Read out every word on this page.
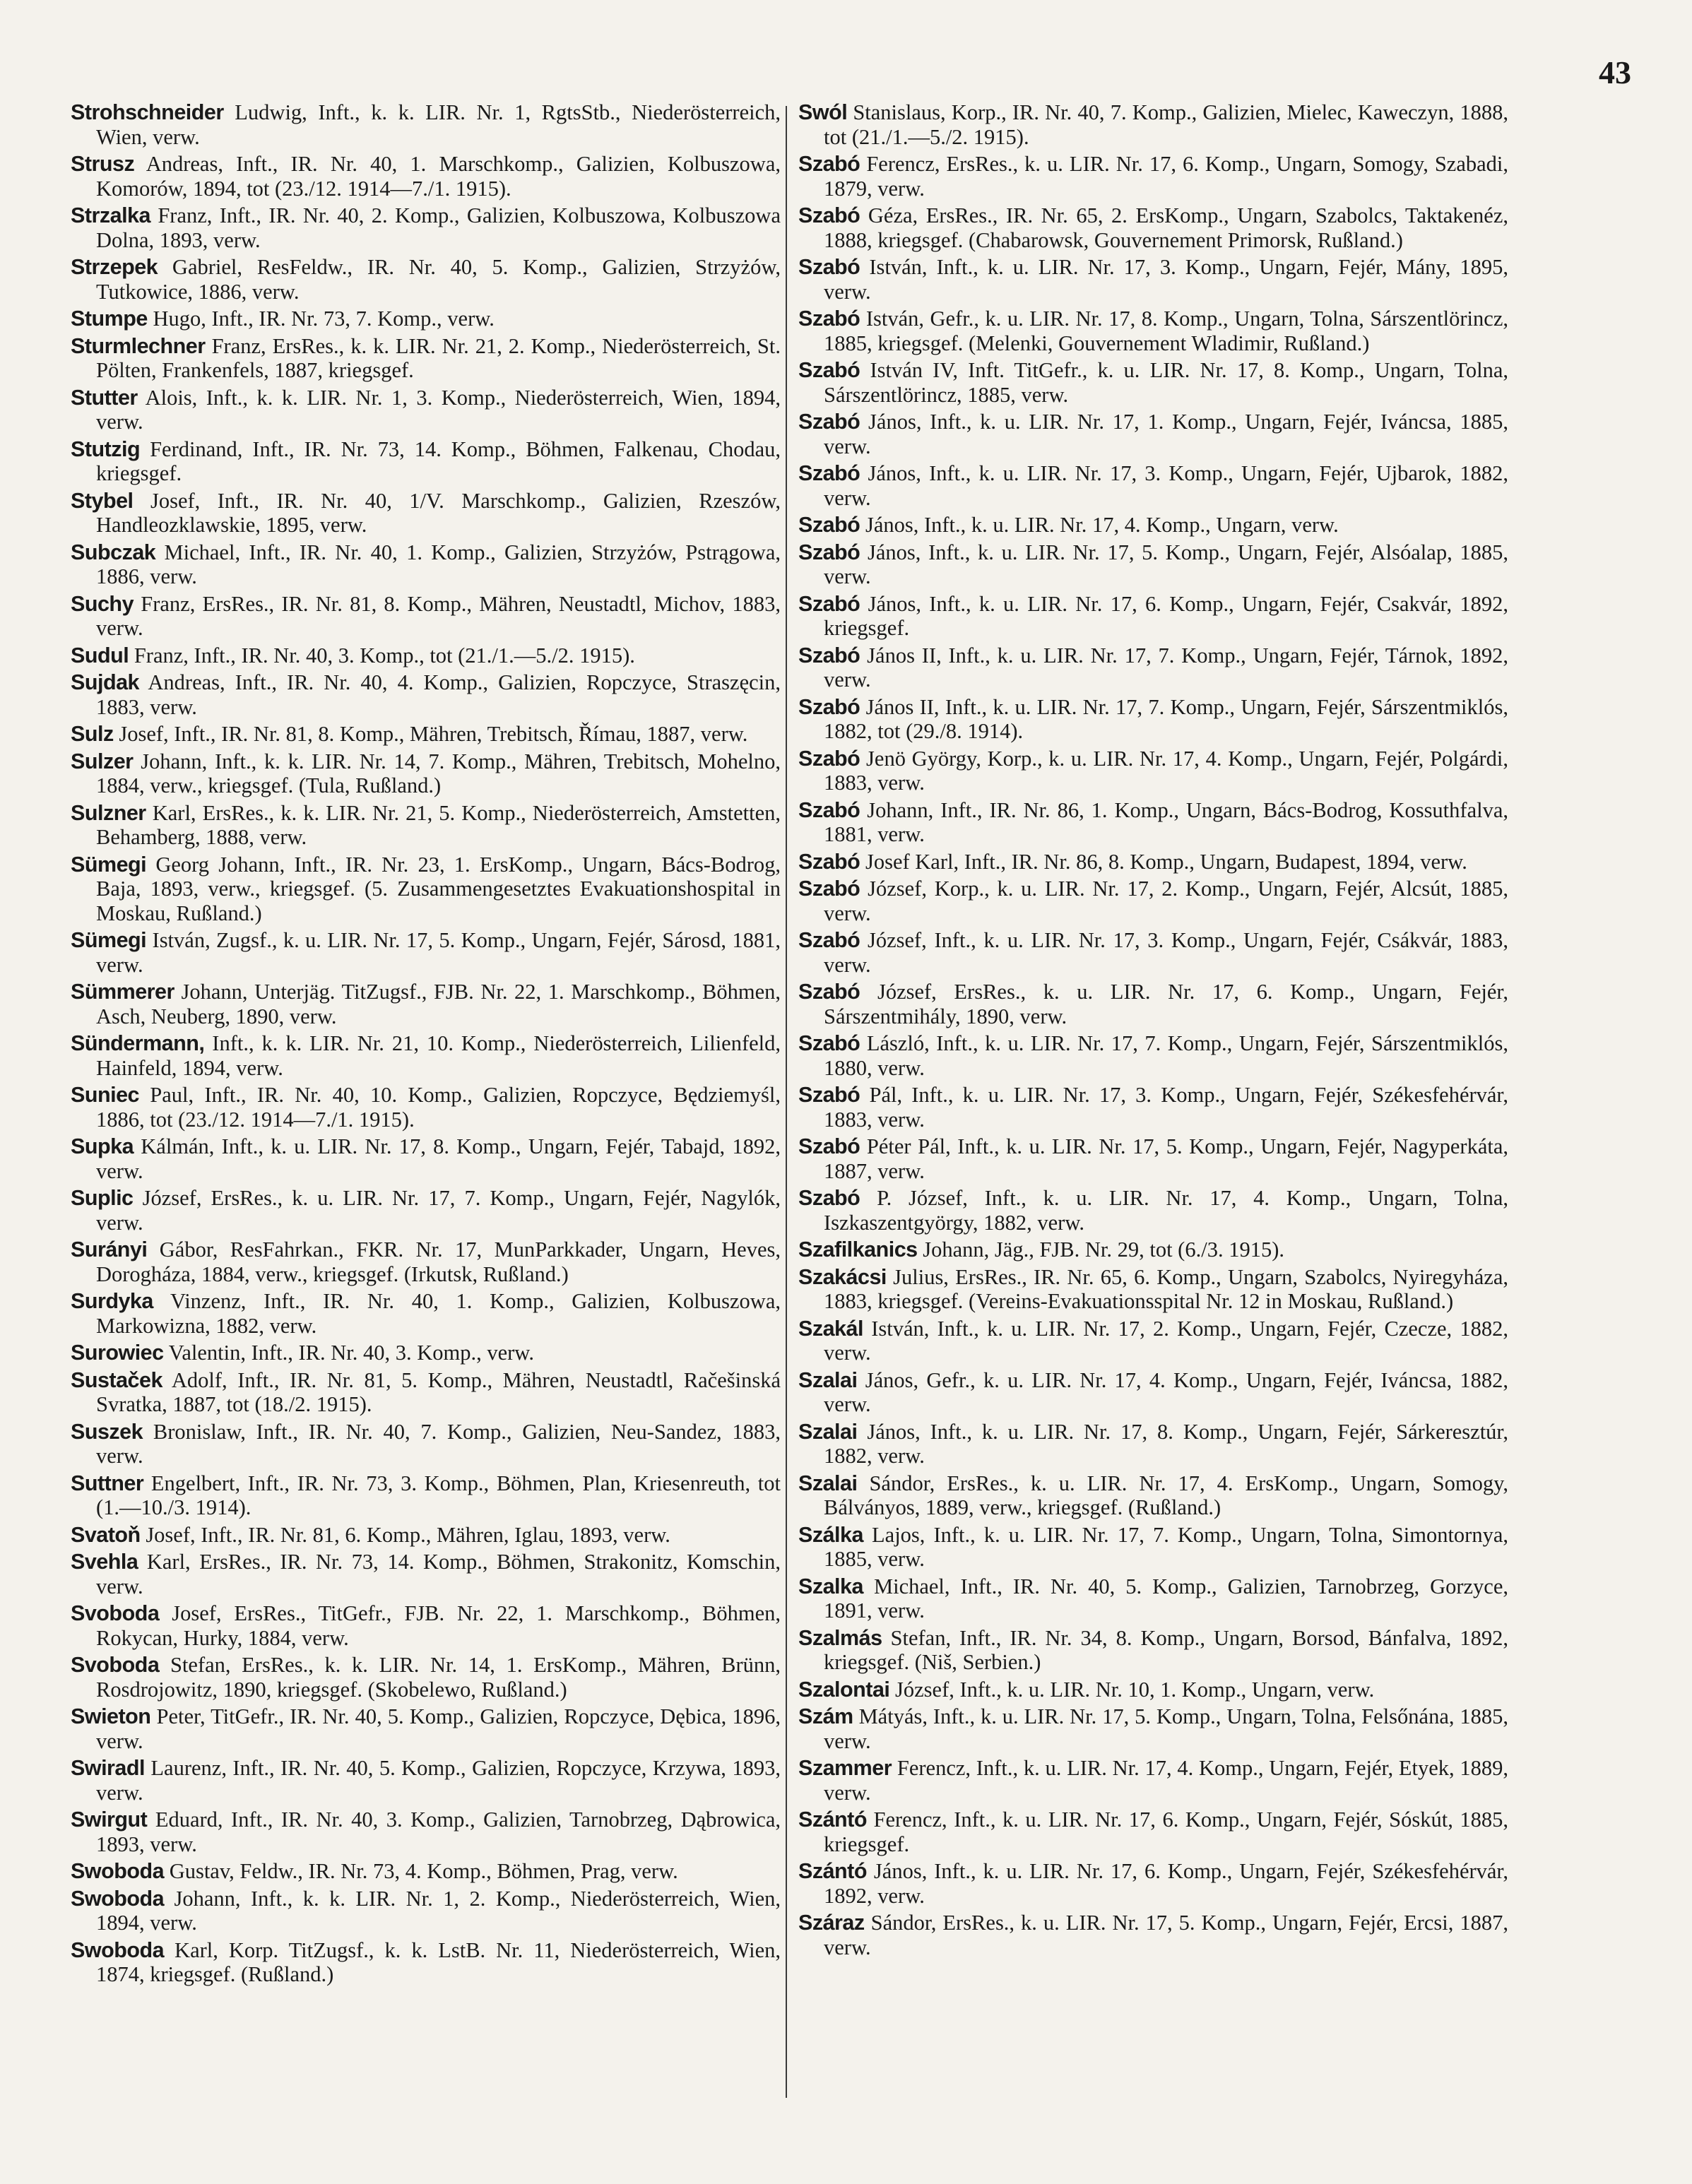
43

Strohschneider Ludwig, Inft., k. k. LIR. Nr. 1, RgtsStb., Niederösterreich, Wien, verw.

Strusz Andreas, Inft., IR. Nr. 40, 1. Marschkomp., Galizien, Kolbuszowa, Komorów, 1894, tot (23./12. 1914—7./1. 1915).

Strzalka Franz, Inft., IR. Nr. 40, 2. Komp., Galizien, Kolbuszowa, Kolbuszowa Dolna, 1893, verw.

Strzepek Gabriel, ResFeldw., IR. Nr. 40, 5. Komp., Galizien, Strzyżów, Tutkowice, 1886, verw.

Stumpe Hugo, Inft., IR. Nr. 73, 7. Komp., verw.

Sturmlechner Franz, ErsRes., k. k. LIR. Nr. 21, 2. Komp., Niederösterreich, St. Pölten, Frankenfels, 1887, kriegsgef.

Stutter Alois, Inft., k. k. LIR. Nr. 1, 3. Komp., Niederösterreich, Wien, 1894, verw.

Stutzig Ferdinand, Inft., IR. Nr. 73, 14. Komp., Böhmen, Falkenau, Chodau, kriegsgef.

Stybel Josef, Inft., IR. Nr. 40, 1/V. Marschkomp., Galizien, Rzeszów, Handleozklawskie, 1895, verw.

Subczak Michael, Inft., IR. Nr. 40, 1. Komp., Galizien, Strzyżów, Pstrągowa, 1886, verw.

Suchy Franz, ErsRes., IR. Nr. 81, 8. Komp., Mähren, Neustadtl, Michov, 1883, verw.

Sudul Franz, Inft., IR. Nr. 40, 3. Komp., tot (21./1.—5./2. 1915).

Sujdak Andreas, Inft., IR. Nr. 40, 4. Komp., Galizien, Ropczyce, Straszęcin, 1883, verw.

Sulz Josef, Inft., IR. Nr. 81, 8. Komp., Mähren, Trebitsch, Římau, 1887, verw.

Sulzer Johann, Inft., k. k. LIR. Nr. 14, 7. Komp., Mähren, Trebitsch, Mohelno, 1884, verw., kriegsgef. (Tula, Rußland.)

Sulzner Karl, ErsRes., k. k. LIR. Nr. 21, 5. Komp., Niederösterreich, Amstetten, Behamberg, 1888, verw.

Sümegi Georg Johann, Inft., IR. Nr. 23, 1. ErsKomp., Ungarn, Bács-Bodrog, Baja, 1893, verw., kriegsgef. (5. Zusammengesetztes Evakuationshospital in Moskau, Rußland.)

Sümegi István, Zugsf., k. u. LIR. Nr. 17, 5. Komp., Ungarn, Fejér, Sárosd, 1881, verw.

Sümmerer Johann, Unterjäg. TitZugsf., FJB. Nr. 22, 1. Marschkomp., Böhmen, Asch, Neuberg, 1890, verw.

Sündermann, Inft., k. k. LIR. Nr. 21, 10. Komp., Niederösterreich, Lilienfeld, Hainfeld, 1894, verw.

Suniec Paul, Inft., IR. Nr. 40, 10. Komp., Galizien, Ropczyce, Będziemyśl, 1886, tot (23./12. 1914—7./1. 1915).

Supka Kálmán, Inft., k. u. LIR. Nr. 17, 8. Komp., Ungarn, Fejér, Tabajd, 1892, verw.

Suplic József, ErsRes., k. u. LIR. Nr. 17, 7. Komp., Ungarn, Fejér, Nagylók, verw.

Surányi Gábor, ResFahrkan., FKR. Nr. 17, MunParkkader, Ungarn, Heves, Dorogháza, 1884, verw., kriegsgef. (Irkutsk, Rußland.)

Surdyka Vinzenz, Inft., IR. Nr. 40, 1. Komp., Galizien, Kolbuszowa, Markowizna, 1882, verw.

Surowiec Valentin, Inft., IR. Nr. 40, 3. Komp., verw.

Sustaček Adolf, Inft., IR. Nr. 81, 5. Komp., Mähren, Neustadtl, Račešinská Svratka, 1887, tot (18./2. 1915).

Suszek Bronislaw, Inft., IR. Nr. 40, 7. Komp., Galizien, Neu-Sandez, 1883, verw.

Suttner Engelbert, Inft., IR. Nr. 73, 3. Komp., Böhmen, Plan, Kriesenreuth, tot (1.—10./3. 1914).

Svatoň Josef, Inft., IR. Nr. 81, 6. Komp., Mähren, Iglau, 1893, verw.

Svehla Karl, ErsRes., IR. Nr. 73, 14. Komp., Böhmen, Strakonitz, Komschin, verw.

Svoboda Josef, ErsRes., TitGefr., FJB. Nr. 22, 1. Marschkomp., Böhmen, Rokycan, Hurky, 1884, verw.

Svoboda Stefan, ErsRes., k. k. LIR. Nr. 14, 1. ErsKomp., Mähren, Brünn, Rosdrojowitz, 1890, kriegsgef. (Skobelewo, Rußland.)

Swieton Peter, TitGefr., IR. Nr. 40, 5. Komp., Galizien, Ropczyce, Dębica, 1896, verw.

Swiradl Laurenz, Inft., IR. Nr. 40, 5. Komp., Galizien, Ropczyce, Krzywa, 1893, verw.

Swirgut Eduard, Inft., IR. Nr. 40, 3. Komp., Galizien, Tarnobrzeg, Dąbrowica, 1893, verw.

Swoboda Gustav, Feldw., IR. Nr. 73, 4. Komp., Böhmen, Prag, verw.

Swoboda Johann, Inft., k. k. LIR. Nr. 1, 2. Komp., Niederösterreich, Wien, 1894, verw.

Swoboda Karl, Korp. TitZugsf., k. k. LstB. Nr. 11, Niederösterreich, Wien, 1874, kriegsgef. (Rußland.)

Swól Stanislaus, Korp., IR. Nr. 40, 7. Komp., Galizien, Mielec, Kaweczyn, 1888, tot (21./1.—5./2. 1915).

Szabó Ferencz, ErsRes., k. u. LIR. Nr. 17, 6. Komp., Ungarn, Somogy, Szabadi, 1879, verw.

Szabó Géza, ErsRes., IR. Nr. 65, 2. ErsKomp., Ungarn, Szabolcs, Taktakenéz, 1888, kriegsgef. (Chabarowsk, Gouvernement Primorsk, Rußland.)

Szabó István, Inft., k. u. LIR. Nr. 17, 3. Komp., Ungarn, Fejér, Mány, 1895, verw.

Szabó István, Gefr., k. u. LIR. Nr. 17, 8. Komp., Ungarn, Tolna, Sárszentlörincz, 1885, kriegsgef. (Melenki, Gouvernement Wladimir, Rußland.)

Szabó István IV, Inft. TitGefr., k. u. LIR. Nr. 17, 8. Komp., Ungarn, Tolna, Sárszentlörincz, 1885, verw.

Szabó János, Inft., k. u. LIR. Nr. 17, 1. Komp., Ungarn, Fejér, Iváncsa, 1885, verw.

Szabó János, Inft., k. u. LIR. Nr. 17, 3. Komp., Ungarn, Fejér, Ujbarok, 1882, verw.

Szabó János, Inft., k. u. LIR. Nr. 17, 4. Komp., Ungarn, verw.

Szabó János, Inft., k. u. LIR. Nr. 17, 5. Komp., Ungarn, Fejér, Alsóalap, 1885, verw.

Szabó János, Inft., k. u. LIR. Nr. 17, 6. Komp., Ungarn, Fejér, Csakvár, 1892, kriegsgef.

Szabó János II, Inft., k. u. LIR. Nr. 17, 7. Komp., Ungarn, Fejér, Tárnok, 1892, verw.

Szabó János II, Inft., k. u. LIR. Nr. 17, 7. Komp., Ungarn, Fejér, Sárszentmiklós, 1882, tot (29./8. 1914).

Szabó Jenö György, Korp., k. u. LIR. Nr. 17, 4. Komp., Ungarn, Fejér, Polgárdi, 1883, verw.

Szabó Johann, Inft., IR. Nr. 86, 1. Komp., Ungarn, Bács-Bodrog, Kossuthfalva, 1881, verw.

Szabó Josef Karl, Inft., IR. Nr. 86, 8. Komp., Ungarn, Budapest, 1894, verw.

Szabó József, Korp., k. u. LIR. Nr. 17, 2. Komp., Ungarn, Fejér, Alcsút, 1885, verw.

Szabó József, Inft., k. u. LIR. Nr. 17, 3. Komp., Ungarn, Fejér, Csákvár, 1883, verw.

Szabó József, ErsRes., k. u. LIR. Nr. 17, 6. Komp., Ungarn, Fejér, Sárszentmihály, 1890, verw.

Szabó László, Inft., k. u. LIR. Nr. 17, 7. Komp., Ungarn, Fejér, Sárszentmiklós, 1880, verw.

Szabó Pál, Inft., k. u. LIR. Nr. 17, 3. Komp., Ungarn, Fejér, Székesfehérvár, 1883, verw.

Szabó Péter Pál, Inft., k. u. LIR. Nr. 17, 5. Komp., Ungarn, Fejér, Nagyperkáta, 1887, verw.

Szabó P. József, Inft., k. u. LIR. Nr. 17, 4. Komp., Ungarn, Tolna, Iszkaszentgyörgy, 1882, verw.

Szafilkanics Johann, Jäg., FJB. Nr. 29, tot (6./3. 1915).

Szakácsi Julius, ErsRes., IR. Nr. 65, 6. Komp., Ungarn, Szabolcs, Nyiregyháza, 1883, kriegsgef. (Vereins-Evakuationsspital Nr. 12 in Moskau, Rußland.)

Szakál István, Inft., k. u. LIR. Nr. 17, 2. Komp., Ungarn, Fejér, Czecze, 1882, verw.

Szalai János, Gefr., k. u. LIR. Nr. 17, 4. Komp., Ungarn, Fejér, Iváncsa, 1882, verw.

Szalai János, Inft., k. u. LIR. Nr. 17, 8. Komp., Ungarn, Fejér, Sárkeresztúr, 1882, verw.

Szalai Sándor, ErsRes., k. u. LIR. Nr. 17, 4. ErsKomp., Ungarn, Somogy, Bálványos, 1889, verw., kriegsgef. (Rußland.)

Szálka Lajos, Inft., k. u. LIR. Nr. 17, 7. Komp., Ungarn, Tolna, Simontornya, 1885, verw.

Szalka Michael, Inft., IR. Nr. 40, 5. Komp., Galizien, Tarnobrzeg, Gorzyce, 1891, verw.

Szalmás Stefan, Inft., IR. Nr. 34, 8. Komp., Ungarn, Borsod, Bánfalva, 1892, kriegsgef. (Niš, Serbien.)

Szalontai József, Inft., k. u. LIR. Nr. 10, 1. Komp., Ungarn, verw.

Szám Mátyás, Inft., k. u. LIR. Nr. 17, 5. Komp., Ungarn, Tolna, Felsőnána, 1885, verw.

Szammer Ferencz, Inft., k. u. LIR. Nr. 17, 4. Komp., Ungarn, Fejér, Etyek, 1889, verw.

Szántó Ferencz, Inft., k. u. LIR. Nr. 17, 6. Komp., Ungarn, Fejér, Sóskút, 1885, kriegsgef.

Szántó János, Inft., k. u. LIR. Nr. 17, 6. Komp., Ungarn, Fejér, Székesfehérvár, 1892, verw.

Száraz Sándor, ErsRes., k. u. LIR. Nr. 17, 5. Komp., Ungarn, Fejér, Ercsi, 1887, verw.
